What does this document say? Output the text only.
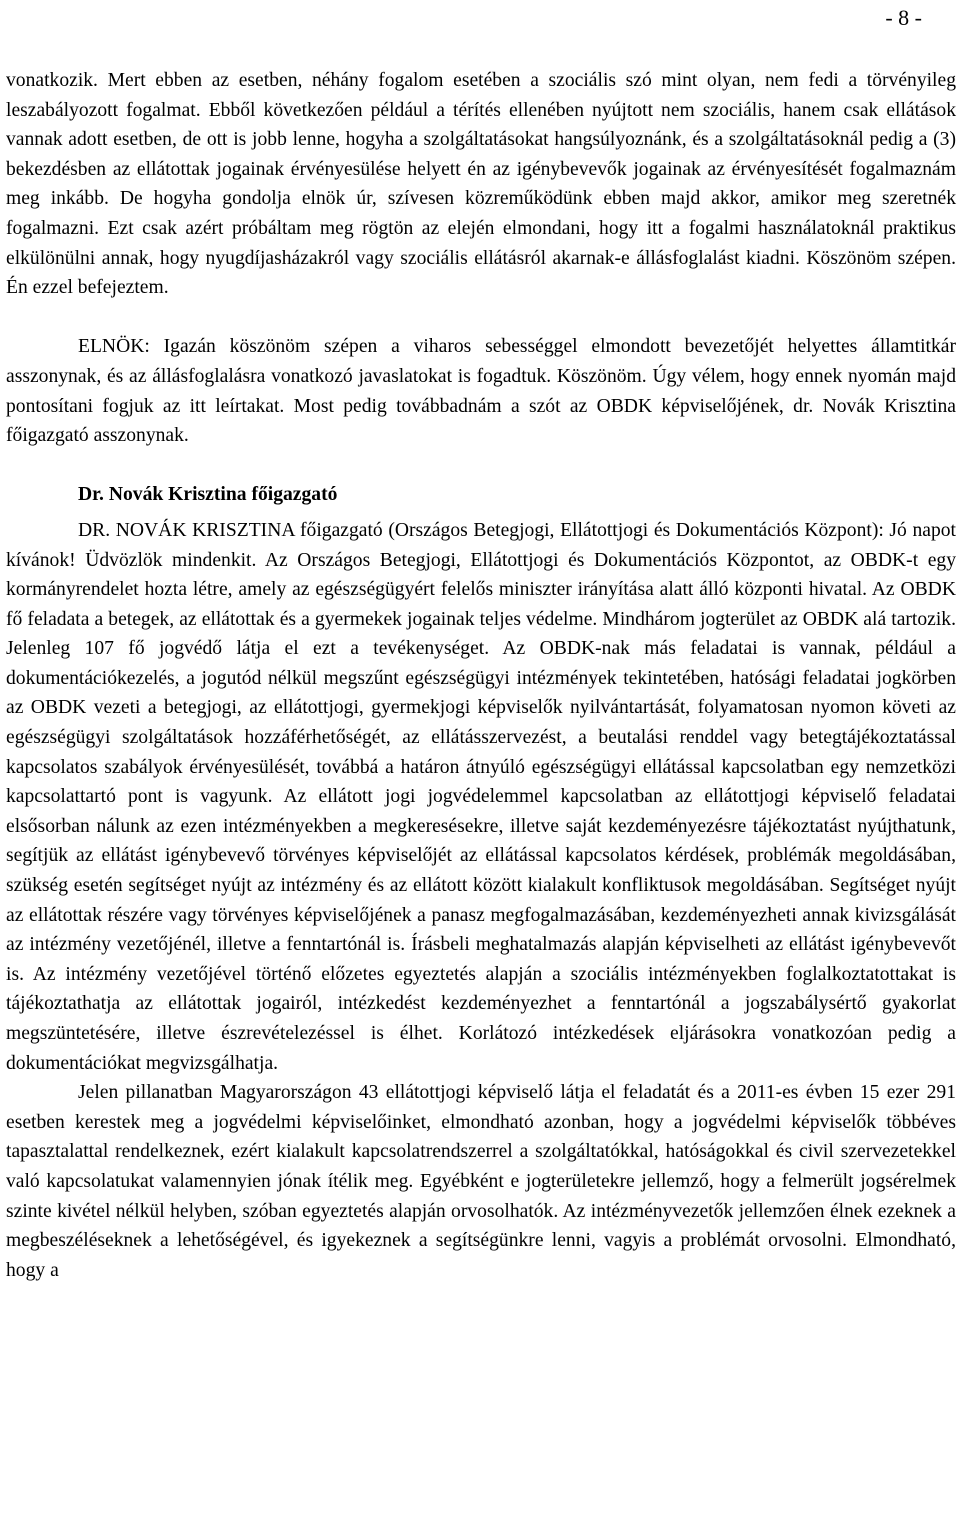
- 8 -

vonatkozik. Mert ebben az esetben, néhány fogalom esetében a szociális szó mint olyan, nem fedi a törvényileg leszabályozott fogalmat. Ebből következően például a térítés ellenében nyújtott nem szociális, hanem csak ellátások vannak adott esetben, de ott is jobb lenne, hogyha a szolgáltatásokat hangsúlyoznánk, és a szolgáltatásoknál pedig a (3) bekezdésben az ellátottak jogainak érvényesülése helyett én az igénybevevők jogainak az érvényesítését fogalmaznám meg inkább. De hogyha gondolja elnök úr, szívesen közreműködünk ebben majd akkor, amikor meg szeretnék fogalmazni. Ezt csak azért próbáltam meg rögtön az elején elmondani, hogy itt a fogalmi használatoknál praktikus elkülönülni annak, hogy nyugdíjasházakról vagy szociális ellátásról akarnak-e állásfoglalást kiadni. Köszönöm szépen. Én ezzel befejeztem.

ELNÖK: Igazán köszönöm szépen a viharos sebességgel elmondott bevezetőjét helyettes államtitkár asszonynak, és az állásfoglalásra vonatkozó javaslatokat is fogadtuk. Köszönöm. Úgy vélem, hogy ennek nyomán majd pontosítani fogjuk az itt leírtakat. Most pedig továbbadnám a szót az OBDK képviselőjének, dr. Novák Krisztina főigazgató asszonynak.

Dr. Novák Krisztina főigazgató

DR. NOVÁK KRISZTINA főigazgató (Országos Betegjogi, Ellátottjogi és Dokumentációs Központ): Jó napot kívánok! Üdvözlök mindenkit. Az Országos Betegjogi, Ellátottjogi és Dokumentációs Központot, az OBDK-t egy kormányrendelet hozta létre, amely az egészségügyért felelős miniszter irányítása alatt álló központi hivatal. Az OBDK fő feladata a betegek, az ellátottak és a gyermekek jogainak teljes védelme. Mindhárom jogterület az OBDK alá tartozik. Jelenleg 107 fő jogvédő látja el ezt a tevékenységet. Az OBDK-nak más feladatai is vannak, például a dokumentációkezelés, a jogutód nélkül megszűnt egészségügyi intézmények tekintetében, hatósági feladatai jogkörben az OBDK vezeti a betegjogi, az ellátottjogi, gyermekjogi képviselők nyilvántartását, folyamatosan nyomon követi az egészségügyi szolgáltatások hozzáférhetőségét, az ellátásszervezést, a beutalási renddel vagy betegtájékoztatással kapcsolatos szabályok érvényesülését, továbbá a határon átnyúló egészségügyi ellátással kapcsolatban egy nemzetközi kapcsolattartó pont is vagyunk. Az ellátott jogi jogvédelemmel kapcsolatban az ellátottjogi képviselő feladatai elsősorban nálunk az ezen intézményekben a megkeresésekre, illetve saját kezdeményezésre tájékoztatást nyújthatunk, segítjük az ellátást igénybevevő törvényes képviselőjét az ellátással kapcsolatos kérdések, problémák megoldásában, szükség esetén segítséget nyújt az intézmény és az ellátott között kialakult konfliktusok megoldásában. Segítséget nyújt az ellátottak részére vagy törvényes képviselőjének a panasz megfogalmazásában, kezdeményezheti annak kivizsgálását az intézmény vezetőjénél, illetve a fenntartónál is. Írásbeli meghatalmazás alapján képviselheti az ellátást igénybevevőt is. Az intézmény vezetőjével történő előzetes egyeztetés alapján a szociális intézményekben foglalkoztatottakat is tájékoztathatja az ellátottak jogairól, intézkedést kezdeményezhet a fenntartónál a jogszabálysértő gyakorlat megszüntetésére, illetve észrevételezéssel is élhet. Korlátozó intézkedések eljárásokra vonatkozóan pedig a dokumentációkat megvizsgálhatja.

Jelen pillanatban Magyarországon 43 ellátottjogi képviselő látja el feladatát és a 2011-es évben 15 ezer 291 esetben kerestek meg a jogvédelmi képviselőinket, elmondható azonban, hogy a jogvédelmi képviselők többéves tapasztalattal rendelkeznek, ezért kialakult kapcsolatrendszerrel a szolgáltatókkal, hatóságokkal és civil szervezetekkel való kapcsolatukat valamennyien jónak ítélik meg. Egyébként e jogterületekre jellemző, hogy a felmerült jogsérelmek szinte kivétel nélkül helyben, szóban egyeztetés alapján orvosolhatók. Az intézményvezetők jellemzően élnek ezeknek a megbeszéléseknek a lehetőségével, és igyekeznek a segítségünkre lenni, vagyis a problémát orvosolni. Elmondható, hogy a
